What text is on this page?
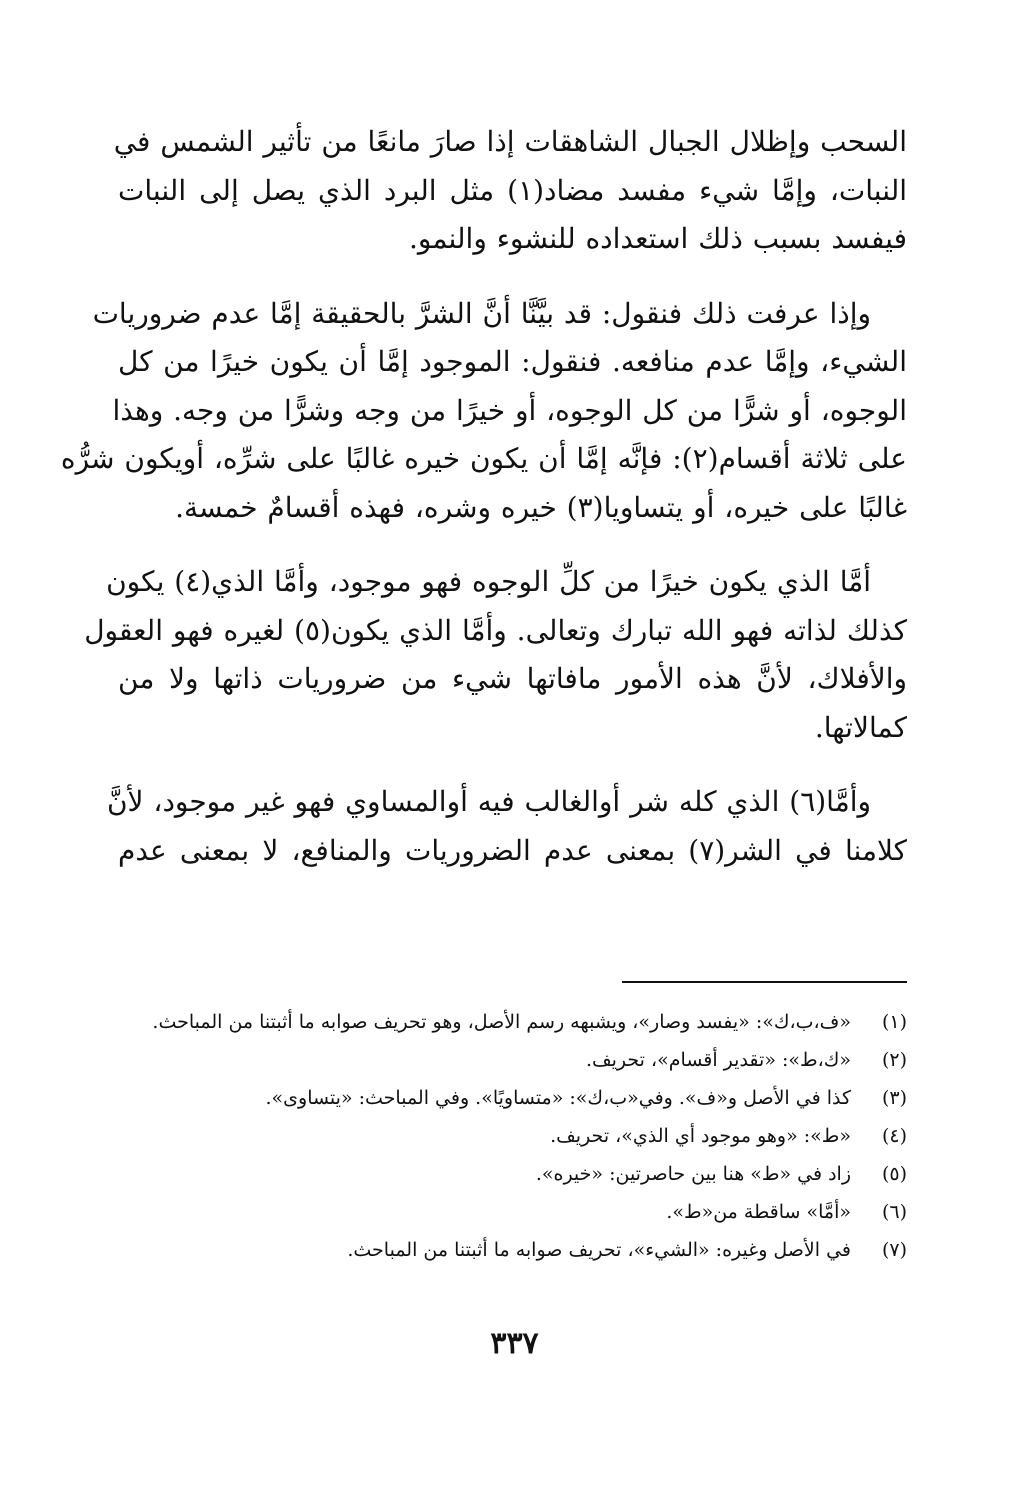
السحب وإظلال الجبال الشاهقات إذا صارَ مانعًا من تأثير الشمس في
النبات، وإمَّا شيء مفسد مضاد(١) مثل البرد الذي يصل إلى النبات
فيفسد بسبب ذلك استعداده للنشوء والنمو.

وإذا عرفت ذلك فنقول: قد بيَّنَّا أنَّ الشرَّ بالحقيقة إمَّا عدم ضروريات
الشيء، وإمَّا عدم منافعه. فنقول: الموجود إمَّا أن يكون خيرًا من كل
الوجوه، أو شرًّا من كل الوجوه، أو خيرًا من وجه وشرًّا من وجه. وهذا
على ثلاثة أقسام(٢): فإنَّه إمَّا أن يكون خيره غالبًا على شرِّه، أويكون شرُّه
غالبًا على خيره، أو يتساويا(٣) خيره وشره، فهذه أقسامٌ خمسة.

أمَّا الذي يكون خيرًا من كلِّ الوجوه فهو موجود، وأمَّا الذي(٤) يكون
كذلك لذاته فهو الله تبارك وتعالى. وأمَّا الذي يكون(٥) لغيره فهو العقول
والأفلاك، لأنَّ هذه الأمور مافاتها شيء من ضروريات ذاتها ولا من
كمالاتها.

وأمَّا(٦) الذي كله شر أوالغالب فيه أوالمساوي فهو غير موجود، لأنَّ
كلامنا في الشر(٧) بمعنى عدم الضروريات والمنافع، لا بمعنى عدم

(١)
«ف،ب،ك»: «يفسد وصار»، ويشبهه رسم الأصل، وهو تحريف صوابه ما أثبتنا من المباحث.
(٢)
«ك،ط»: «تقدير أقسام»، تحريف.
(٣)
كذا في الأصل و«ف». وفي«ب،ك»: «متساويًا». وفي المباحث: «يتساوى».
(٤)
«ط»: «وهو موجود أي الذي»، تحريف.
(٥)
زاد في «ط» هنا بين حاصرتين: «خيره».
(٦)
«أمَّا» ساقطة من«ط».
(٧)
في الأصل وغيره: «الشيء»، تحريف صوابه ما أثبتنا من المباحث.
٣٣٧
